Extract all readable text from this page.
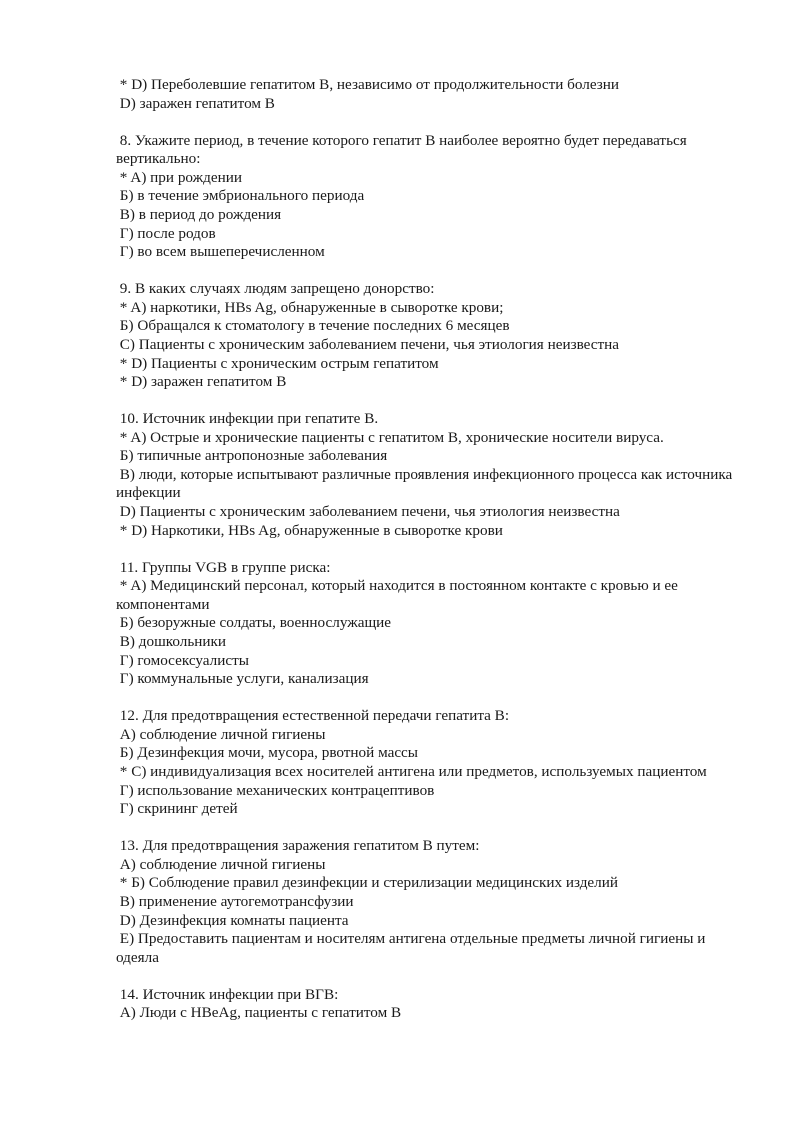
* D) Переболевшие гепатитом В, независимо от продолжительности болезни
D) заражен гепатитом В
8. Укажите период, в течение которого гепатит B наиболее вероятно будет передаваться вертикально:
* A) при рождении
Б) в течение эмбрионального периода
В) в период до рождения
Г) после родов
Г) во всем вышеперечисленном
9. В каких случаях людям запрещено донорство:
* A) наркотики, HBs Ag, обнаруженные в сыворотке крови;
Б) Обращался к стоматологу в течение последних 6 месяцев
C) Пациенты с хроническим заболеванием печени, чья этиология неизвестна
* D) Пациенты с хроническим острым гепатитом
* D) заражен гепатитом В
10. Источник инфекции при гепатите B.
* A) Острые и хронические пациенты с гепатитом В, хронические носители вируса.
Б) типичные антропонозные заболевания
B) люди, которые испытывают различные проявления инфекционного процесса как источника инфекции
D) Пациенты с хроническим заболеванием печени, чья этиология неизвестна
* D) Наркотики, HBs Ag, обнаруженные в сыворотке крови
11. Группы VGB в группе риска:
* A) Медицинский персонал, который находится в постоянном контакте с кровью и ее компонентами
Б) безоружные солдаты, военнослужащие
B) дошкольники
Г) гомосексуалисты
Г) коммунальные услуги, канализация
12. Для предотвращения естественной передачи гепатита В:
A) соблюдение личной гигиены
Б) Дезинфекция мочи, мусора, рвотной массы
* C) индивидуализация всех носителей антигена или предметов, используемых пациентом
Г) использование механических контрацептивов
Г) скрининг детей
13. Для предотвращения заражения гепатитом В путем:
A) соблюдение личной гигиены
* Б) Соблюдение правил дезинфекции и стерилизации медицинских изделий
B) применение аутогемотрансфузии
D) Дезинфекция комнаты пациента
E) Предоставить пациентам и носителям антигена отдельные предметы личной гигиены и одеяла
14. Источник инфекции при ВГВ:
A) Люди с HBeAg, пациенты с гепатитом В
